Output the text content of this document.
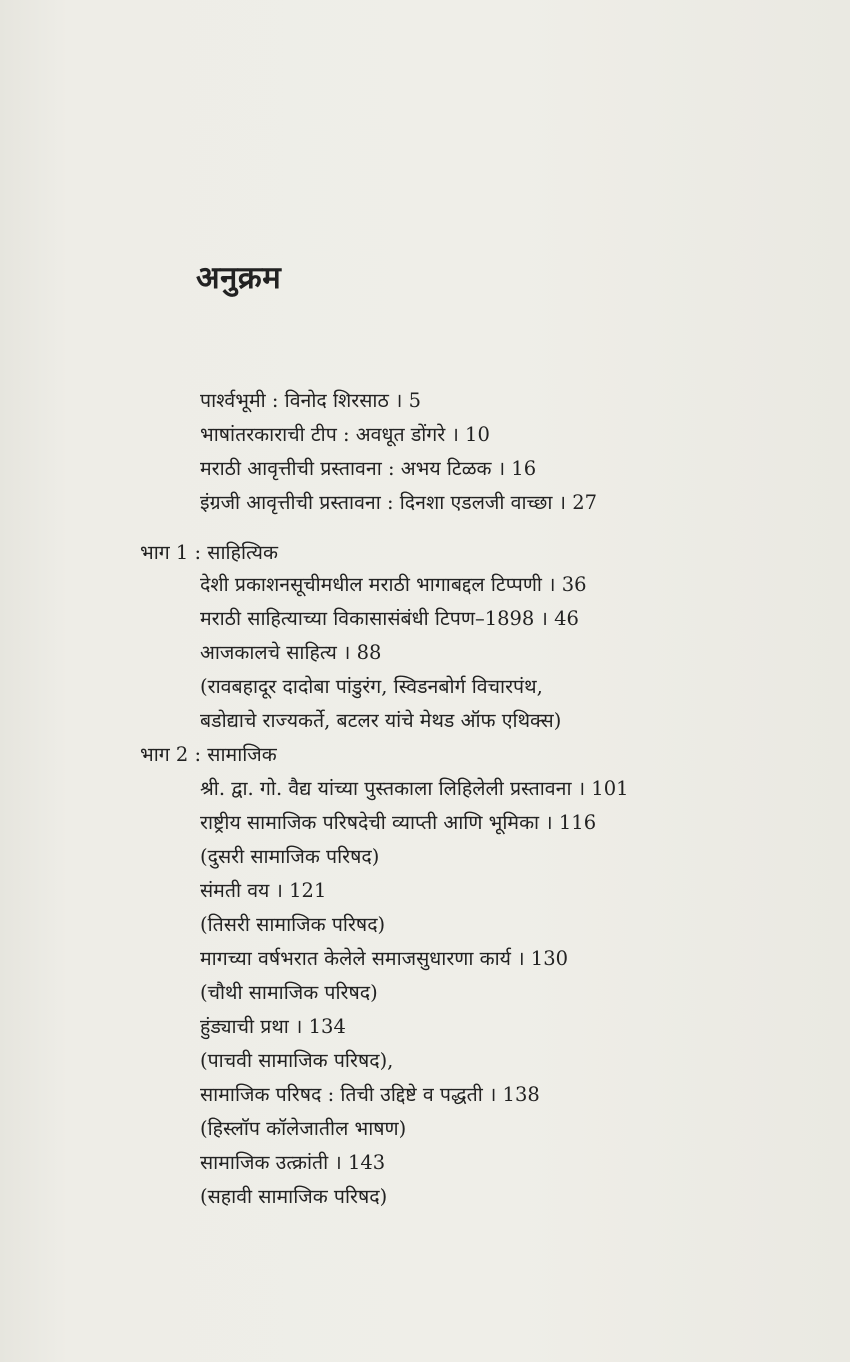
अनुक्रम
पार्श्वभूमी : विनोद शिरसाठ । 5
भाषांतरकाराची टीप : अवधूत डोंगरे । 10
मराठी आवृत्तीची प्रस्तावना : अभय टिळक । 16
इंग्रजी आवृत्तीची प्रस्तावना : दिनशा एडलजी वाच्छा । 27
भाग 1 : साहित्यिक
देशी प्रकाशनसूचीमधील मराठी भागाबद्दल टिप्पणी । 36
मराठी साहित्याच्या विकासासंबंधी टिपण–1898 । 46
आजकालचे साहित्य । 88
(रावबहादूर दादोबा पांडुरंग, स्विडनबोर्ग विचारपंथ,
बडोद्याचे राज्यकर्ते, बटलर यांचे मेथड ऑफ एथिक्स)
भाग 2 : सामाजिक
श्री. द्वा. गो. वैद्य यांच्या पुस्तकाला लिहिलेली प्रस्तावना । 101
राष्ट्रीय सामाजिक परिषदेची व्याप्ती आणि भूमिका । 116
(दुसरी सामाजिक परिषद)
संमती वय । 121
(तिसरी सामाजिक परिषद)
मागच्या वर्षभरात केलेले समाजसुधारणा कार्य । 130
(चौथी सामाजिक परिषद)
हुंड्याची प्रथा । 134
(पाचवी सामाजिक परिषद),
सामाजिक परिषद : तिची उद्दिष्टे व पद्धती । 138
(हिस्लॉप कॉलेजातील भाषण)
सामाजिक उत्क्रांती । 143
(सहावी सामाजिक परिषद)
